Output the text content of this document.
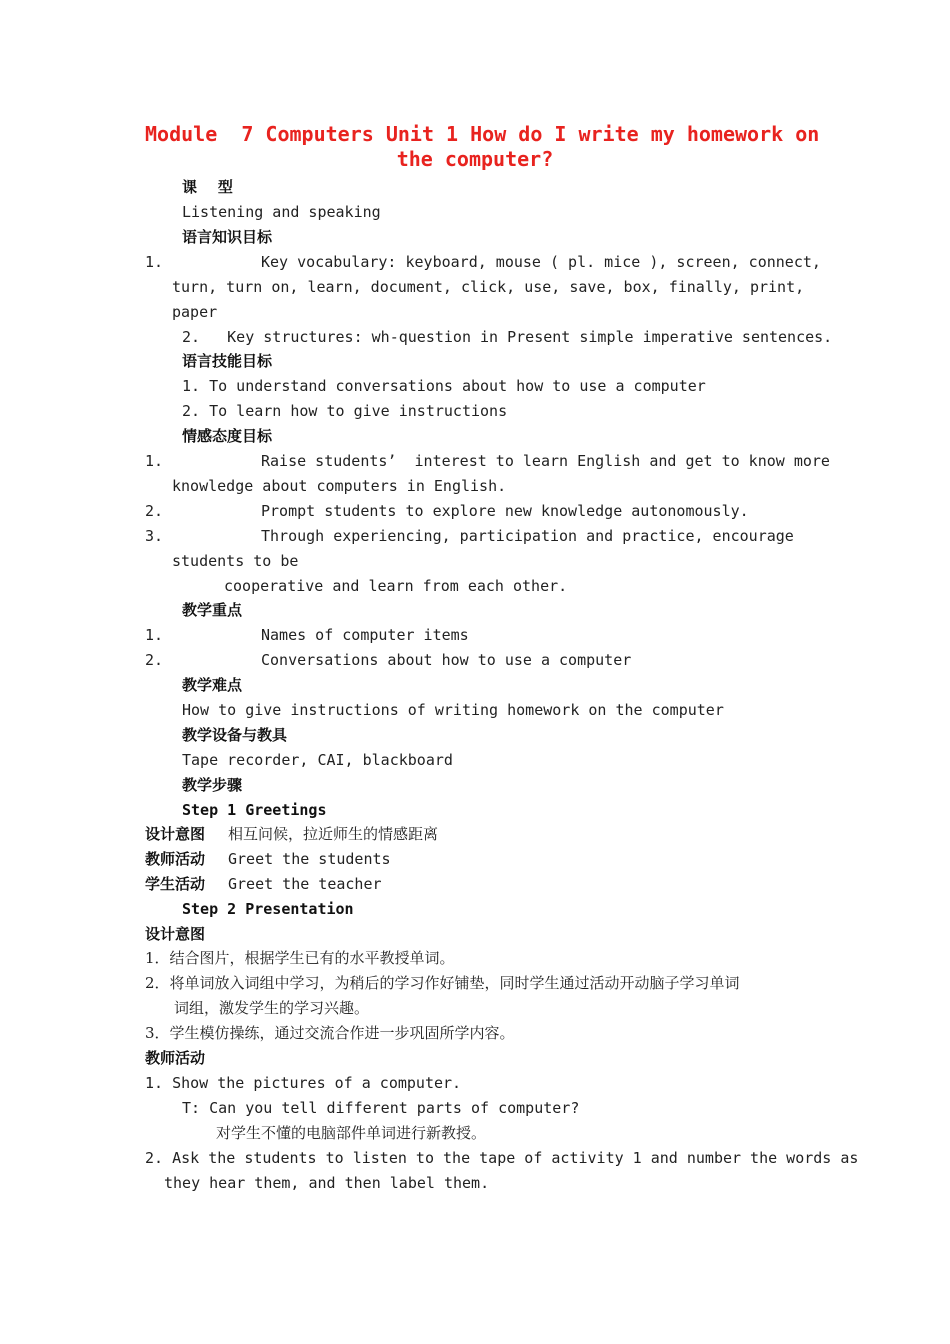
Module  7 Computers Unit 1 How do I write my homework on
the computer?
课    型
Listening and speaking
语言知识目标
1.	Key vocabulary: keyboard, mouse ( pl. mice ), screen, connect,
turn, turn on, learn, document, click, use, save, box, finally, print,
paper
2.   Key structures: wh-question in Present simple imperative sentences.
语言技能目标
1. To understand conversations about how to use a computer
2. To learn how to give instructions
情感态度目标
1.	Raise students’  interest to learn English and get to know more
knowledge about computers in English.
2.	Prompt students to explore new knowledge autonomously.
3.	Through experiencing, participation and practice, encourage
students to be
cooperative and learn from each other.
教学重点
1.	Names of computer items
2.	Conversations about how to use a computer
教学难点
How to give instructions of writing homework on the computer
教学设备与教具
Tape recorder, CAI, blackboard
教学步骤
Step 1 Greetings
设计意图 相互问候，拉近师生的情感距离
教师活动 Greet the students
学生活动 Greet the teacher
Step 2 Presentation
设计意图
1．结合图片，根据学生已有的水平教授单词。
2．将单词放入词组中学习，为稍后的学习作好铺垫，同时学生通过活动开动脑子学习单词
词组，激发学生的学习兴趣。
3．学生模仿操练，通过交流合作进一步巩固所学内容。
教师活动
1. Show the pictures of a computer.
T: Can you tell different parts of computer?
对学生不懂的电脑部件单词进行新教授。
2. Ask the students to listen to the tape of activity 1 and number the words as
they hear them, and then label them.
